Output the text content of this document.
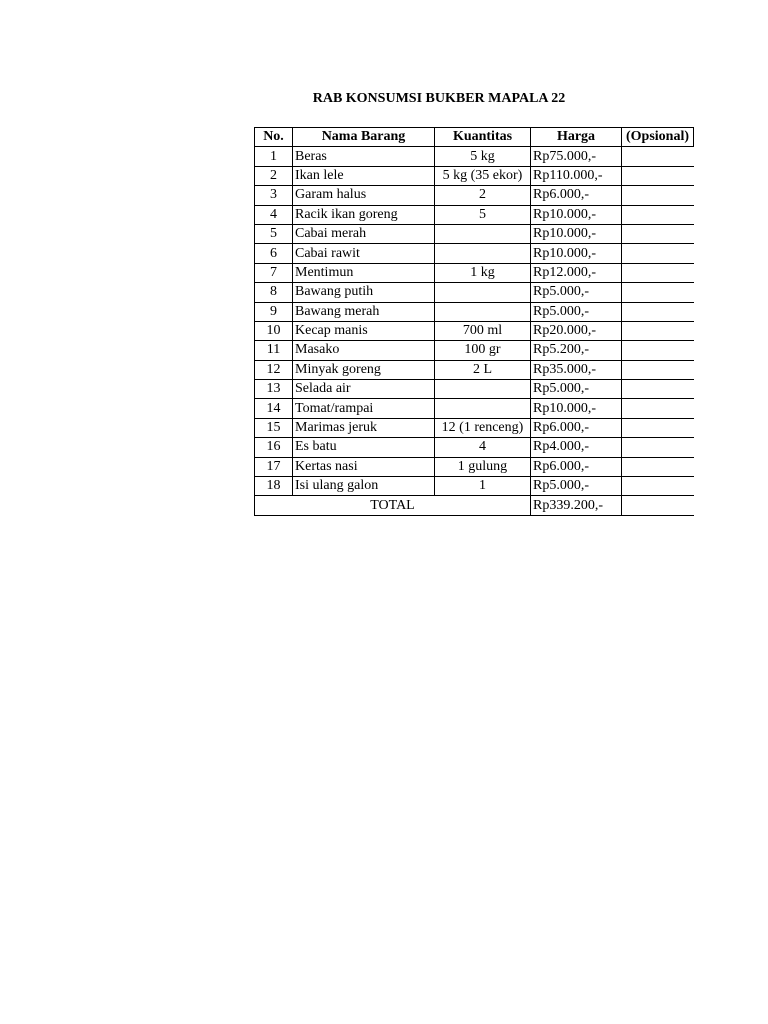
RAB KONSUMSI BUKBER MAPALA 22
No.	Nama Barang	Kuantitas	Harga	(Opsional)
1	Beras	5 kg	Rp75.000,-	
2	Ikan lele	5 kg (35 ekor)	Rp110.000,-	
3	Garam halus	2	Rp6.000,-	
4	Racik ikan goreng	5	Rp10.000,-	
5	Cabai merah		Rp10.000,-	
6	Cabai rawit		Rp10.000,-	
7	Mentimun	1 kg	Rp12.000,-	
8	Bawang putih		Rp5.000,-	
9	Bawang merah		Rp5.000,-	
10	Kecap manis	700 ml	Rp20.000,-	
11	Masako	100 gr	Rp5.200,-	
12	Minyak goreng	2 L	Rp35.000,-	
13	Selada air		Rp5.000,-	
14	Tomat/rampai		Rp10.000,-	
15	Marimas jeruk	12 (1 renceng)	Rp6.000,-	
16	Es batu	4	Rp4.000,-	
17	Kertas nasi	1 gulung	Rp6.000,-	
18	Isi ulang galon	1	Rp5.000,-	
TOTAL			Rp339.200,-	
